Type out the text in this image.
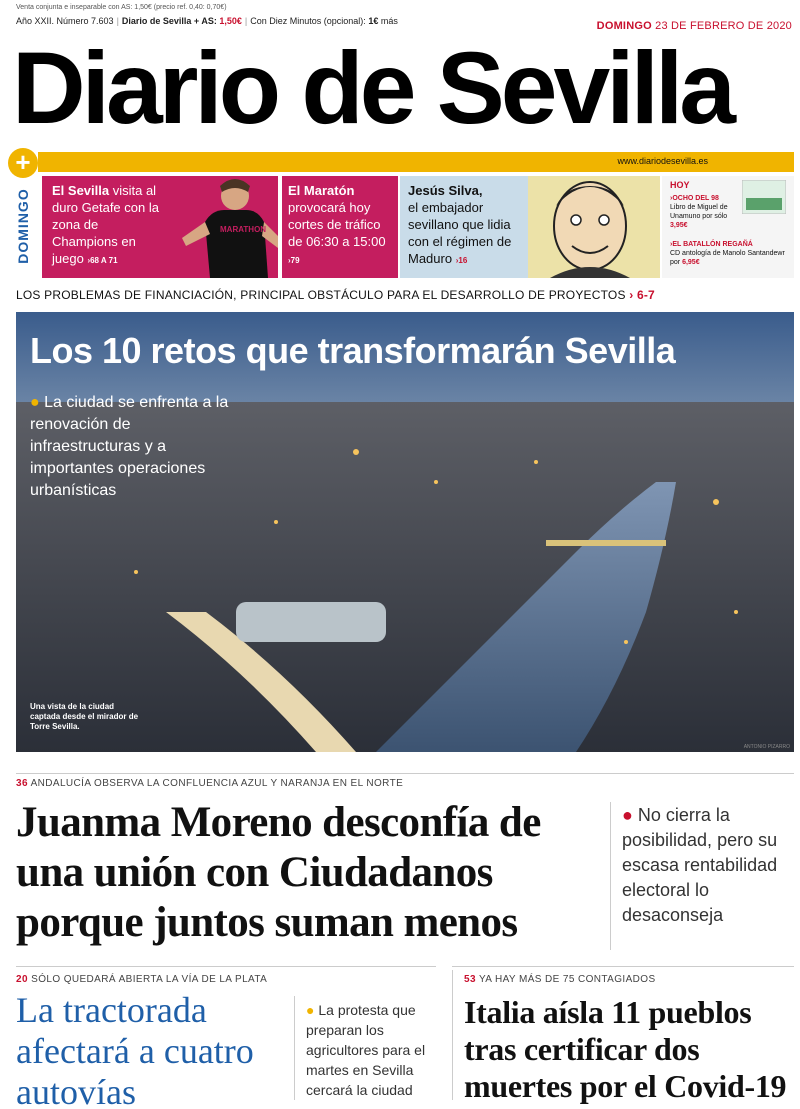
Venta conjunta e inseparable con AS: 1,50€ (precio ref. 0,40: 0,70€)
Año XXII. Número 7.603 | Diario de Sevilla + AS: 1,50€ | Con Diez Minutos (opcional): 1€ más	DOMINGO 23 DE FEBRERO DE 2020
Diario de Sevilla
+	www.diariodesevilla.es
DOMINGO	MARATHON
El Sevilla visita al duro Getafe con la zona de Champions en juego ›68 A 71
El Maratón
provocará hoy cortes de tráfico de 06:30 a 15:00 ›79
Jesús Silva,
el embajador sevillano que lidia con el régimen de Maduro ›16
HOY
›OCHO DEL 98
Libro de Miguel de Unamuno por sólo 3,95€
›EL BATALLÓN REGAÑÁ
CD antología de Manolo Santandewr por 6,95€
LOS PROBLEMAS DE FINANCIACIÓN, PRINCIPAL OBSTÁCULO PARA EL DESARROLLO DE PROYECTOS › 6-7
Los 10 retos que transformarán Sevilla
● La ciudad se enfrenta a la renovación de infraestructuras y a importantes operaciones urbanísticas
Una vista de la ciudad captada desde el mirador de Torre Sevilla.
ANTONIO PIZARRO
36 ANDALUCÍA OBSERVA LA CONFLUENCIA AZUL Y NARANJA EN EL NORTE
Juanma Moreno desconfía de una unión con Ciudadanos porque juntos suman menos
● No cierra la posibilidad, pero su escasa rentabilidad electoral lo desaconseja
20 SÓLO QUEDARÁ ABIERTA LA VÍA DE LA PLATA
La tractorada afectará a cuatro autovías
● La protesta que preparan los agricultores para el martes en Sevilla cercará la ciudad
53 YA HAY MÁS DE 75 CONTAGIADOS
Italia aísla 11 pueblos tras certificar dos muertes por el Covid-19
